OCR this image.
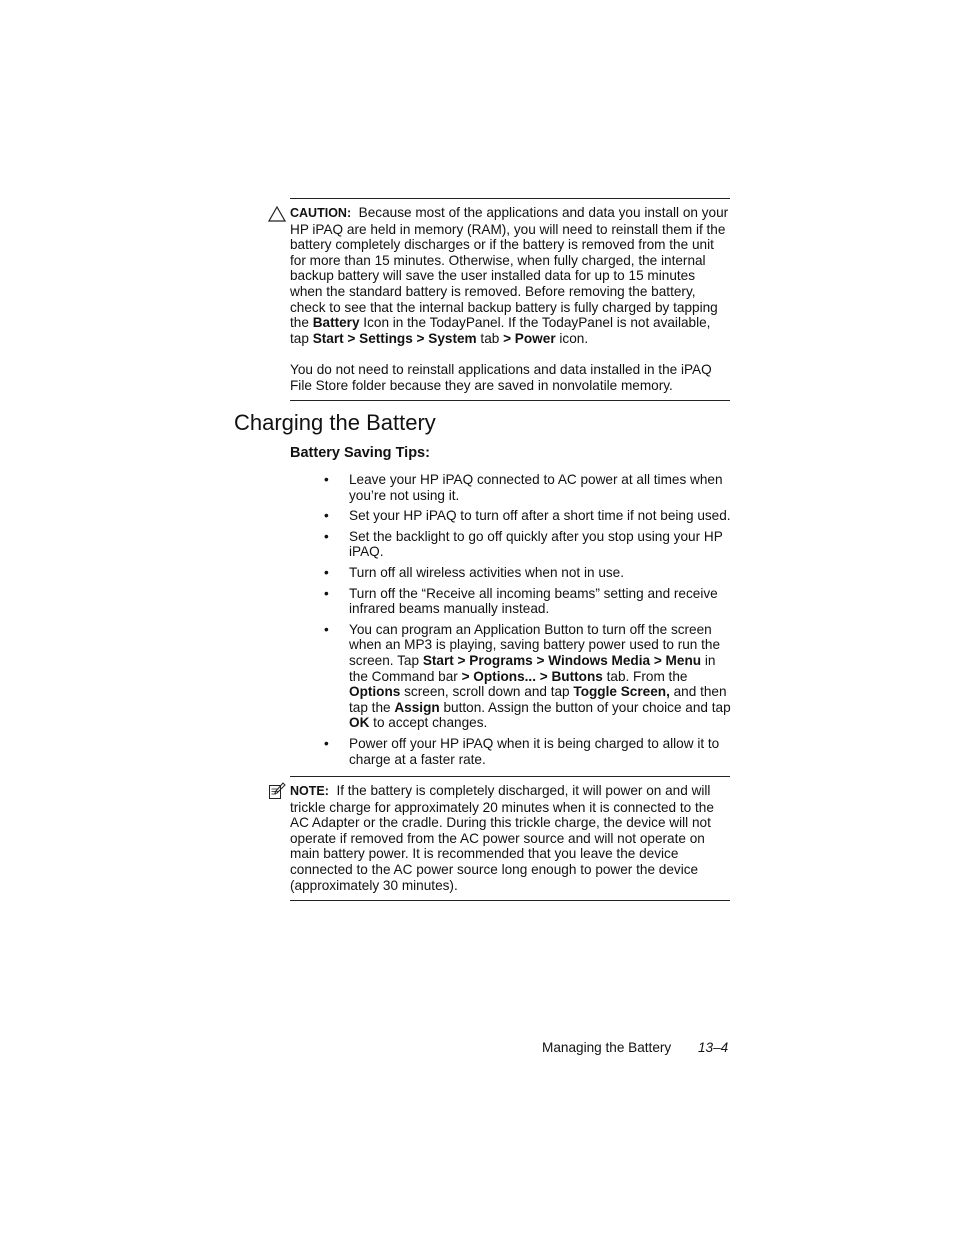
CAUTION: Because most of the applications and data you install on your HP iPAQ are held in memory (RAM), you will need to reinstall them if the battery completely discharges or if the battery is removed from the unit for more than 15 minutes. Otherwise, when fully charged, the internal backup battery will save the user installed data for up to 15 minutes when the standard battery is removed. Before removing the battery, check to see that the internal backup battery is fully charged by tapping the Battery Icon in the TodayPanel. If the TodayPanel is not available, tap Start > Settings > System tab > Power icon.
You do not need to reinstall applications and data installed in the iPAQ File Store folder because they are saved in nonvolatile memory.
Charging the Battery
Battery Saving Tips:
• Leave your HP iPAQ connected to AC power at all times when you’re not using it.
• Set your HP iPAQ to turn off after a short time if not being used.
• Set the backlight to go off quickly after you stop using your HP iPAQ.
• Turn off all wireless activities when not in use.
• Turn off the “Receive all incoming beams” setting and receive infrared beams manually instead.
• You can program an Application Button to turn off the screen when an MP3 is playing, saving battery power used to run the screen. Tap Start > Programs > Windows Media > Menu in the Command bar > Options... > Buttons tab. From the Options screen, scroll down and tap Toggle Screen, and then tap the Assign button. Assign the button of your choice and tap OK to accept changes.
• Power off your HP iPAQ when it is being charged to allow it to charge at a faster rate.
NOTE: If the battery is completely discharged, it will power on and will trickle charge for approximately 20 minutes when it is connected to the AC Adapter or the cradle. During this trickle charge, the device will not operate if removed from the AC power source and will not operate on main battery power. It is recommended that you leave the device connected to the AC power source long enough to power the device (approximately 30 minutes).
Managing the Battery 13–4
